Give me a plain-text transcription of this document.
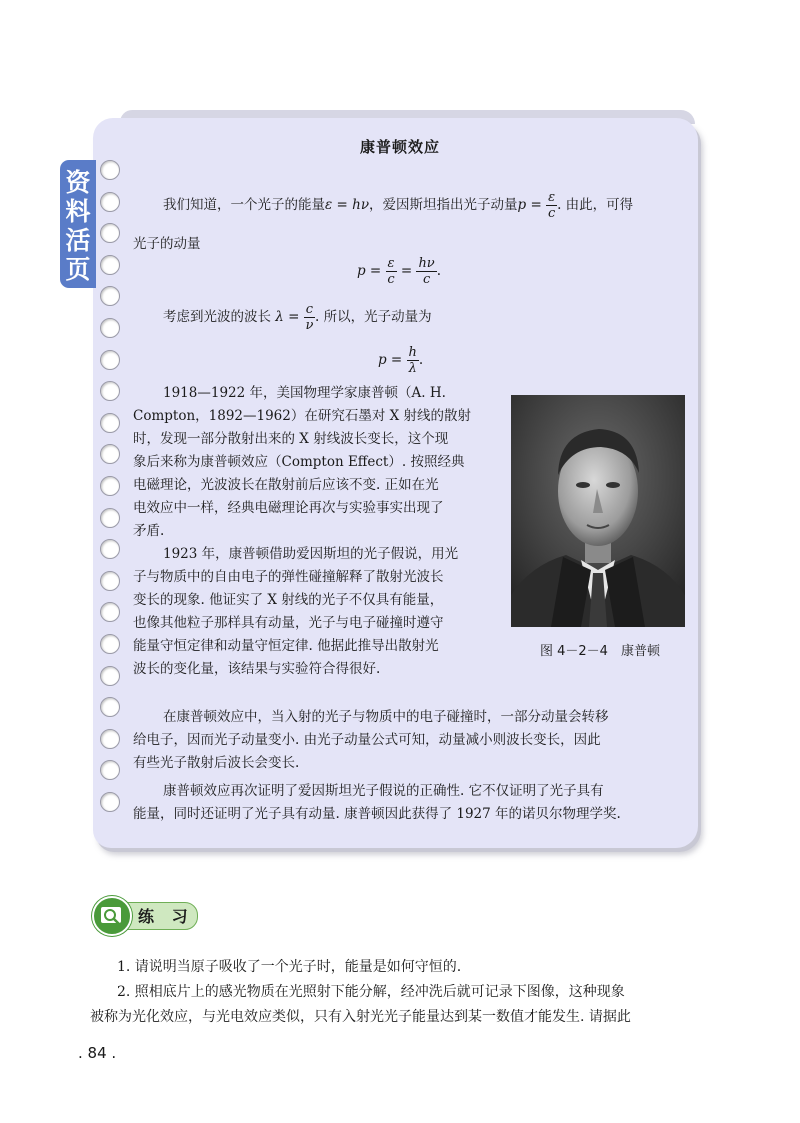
资
料
活
页
康普顿效应
我们知道，一个光子的能量ε = hν，爱因斯坦指出光子动量$p = \frac{\varepsilon}{c}$ . 由此，可得
光子的动量
$p = \frac{\varepsilon}{c} = \frac{h\nu}{c}$ .
考虑到光波的波长 $\lambda = \frac{c}{\nu}$ . 所以，光子动量为
$p = \frac{h}{\lambda}$ .
1918—1922 年，美国物理学家康普顿（A. H.
Compton，1892—1962）在研究石墨对 X 射线的散射
时，发现一部分散射出来的 X 射线波长变长，这个现
象后来称为康普顿效应（Compton Effect）. 按照经典
电磁理论，光波波长在散射前后应该不变. 正如在光
电效应中一样，经典电磁理论再次与实验事实出现了
矛盾.
1923 年，康普顿借助爱因斯坦的光子假说，用光
子与物质中的自由电子的弹性碰撞解释了散射光波长
变长的现象. 他证实了 X 射线的光子不仅具有能量，
也像其他粒子那样具有动量，光子与电子碰撞时遵守
能量守恒定律和动量守恒定律. 他据此推导出散射光
波长的变化量，该结果与实验符合得很好.
图 4－2－4　康普顿
在康普顿效应中，当入射的光子与物质中的电子碰撞时，一部分动量会转移
给电子，因而光子动量变小. 由光子动量公式可知，动量减小则波长变长，因此
有些光子散射后波长会变长.
康普顿效应再次证明了爱因斯坦光子假说的正确性. 它不仅证明了光子具有
能量，同时还证明了光子具有动量. 康普顿因此获得了 1927 年的诺贝尔物理学奖.
练 习
1. 请说明当原子吸收了一个光子时，能量是如何守恒的.
2. 照相底片上的感光物质在光照射下能分解，经冲洗后就可记录下图像，这种现象
被称为光化效应，与光电效应类似，只有入射光光子能量达到某一数值才能发生. 请据此
. 84 .
